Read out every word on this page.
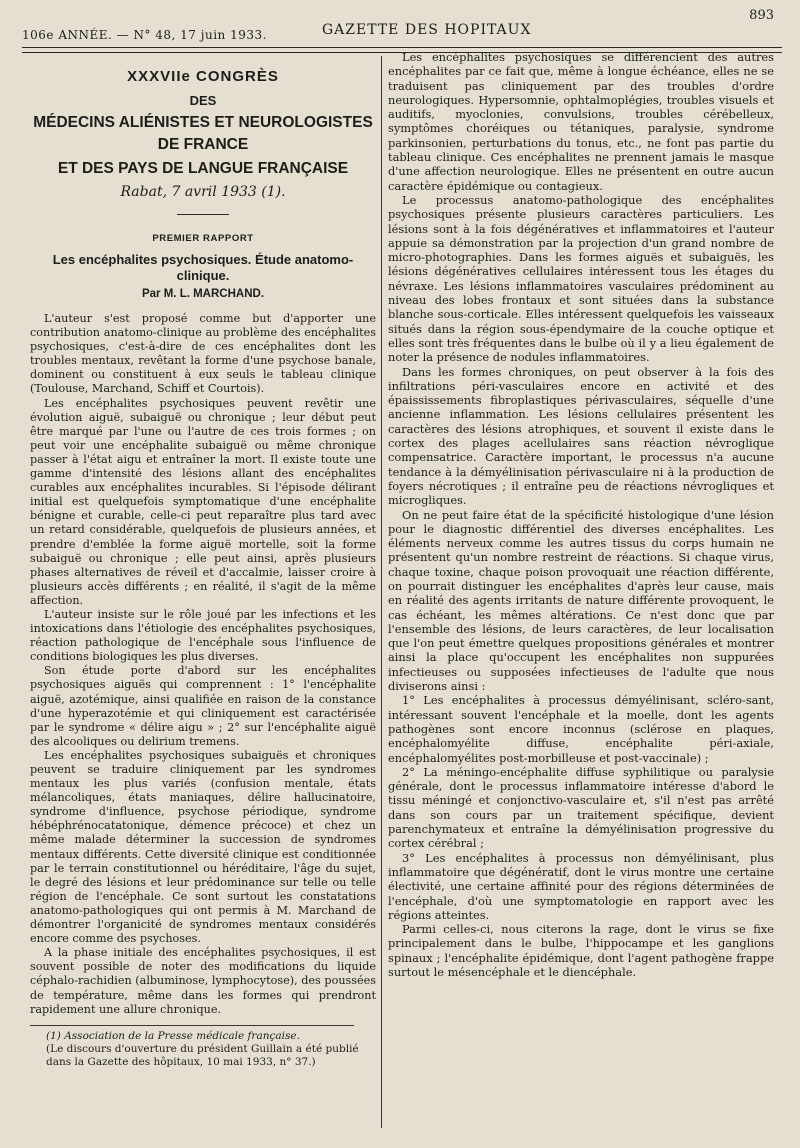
106e ANNÉE. — N° 48, 17 juin 1933.	GAZETTE DES HOPITAUX
893
XXXVIIe CONGRÈS
DES
MÉDECINS ALIÉNISTES ET NEUROLOGISTES
DE FRANCE
ET DES PAYS DE LANGUE FRANÇAISE
Rabat, 7 avril 1933 (1).
PREMIER RAPPORT
Les encéphalites psychosiques. Étude anatomo-clinique.
Par M. L. MARCHAND.

L'auteur s'est proposé comme but d'apporter une contribution anatomo-clinique au problème des encéphalites psychosiques, c'est-à-dire de ces encéphalites dont les troubles mentaux, revêtant la forme d'une psychose banale, dominent ou constituent à eux seuls le tableau clinique (Toulouse, Marchand, Schiff et Courtois).

Les encéphalites psychosiques peuvent revêtir une évolution aiguë, subaiguë ou chronique ; leur début peut être marqué par l'une ou l'autre de ces trois formes ; on peut voir une encéphalite subaiguë ou même chronique passer à l'état aigu et entraîner la mort. Il existe toute une gamme d'intensité des lésions allant des encéphalites curables aux encéphalites incurables. Si l'épisode délirant initial est quelquefois symptomatique d'une encéphalite bénigne et curable, celle-ci peut reparaître plus tard avec un retard considérable, quelquefois de plusieurs années, et prendre d'emblée la forme aiguë mortelle, soit la forme subaiguë ou chronique ; elle peut ainsi, après plusieurs phases alternatives de réveil et d'accalmie, laisser croire à plusieurs accès différents ; en réalité, il s'agit de la même affection.

L'auteur insiste sur le rôle joué par les infections et les intoxications dans l'étiologie des encéphalites psychosiques, réaction pathologique de l'encéphale sous l'influence de conditions biologiques les plus diverses.

Son étude porte d'abord sur les encéphalites psychosiques aiguës qui comprennent : 1° l'encéphalite aiguë, azotémique, ainsi qualifiée en raison de la constance d'une hyperazotémie et qui cliniquement est caractérisée par le syndrome « délire aigu » ; 2° sur l'encéphalite aiguë des alcooliques ou delirium tremens.

Les encéphalites psychosiques subaiguës et chroniques peuvent se traduire cliniquement par les syndromes mentaux les plus variés (confusion mentale, états mélancoliques, états maniaques, délire hallucinatoire, syndrome d'influence, psychose périodique, syndrome hébéphrénocatatonique, démence précoce) et chez un même malade déterminer la succession de syndromes mentaux différents. Cette diversité clinique est conditionnée par le terrain constitutionnel ou héréditaire, l'âge du sujet, le degré des lésions et leur prédominance sur telle ou telle région de l'encéphale. Ce sont surtout les constatations anatomo-pathologiques qui ont permis à M. Marchand de démontrer l'organicité de syndromes mentaux considérés encore comme des psychoses.

A la phase initiale des encéphalites psychosiques, il est souvent possible de noter des modifications du liquide céphalo-rachidien (albuminose, lymphocytose), des poussées de température, même dans les formes qui prendront rapidement une allure chronique.

(1) Association de la Presse médicale française.
(Le discours d'ouverture du président Guillain a été publié dans la Gazette des hôpitaux, 10 mai 1933, n° 37.)

Les encéphalites psychosiques se différencient des autres encéphalites par ce fait que, même à longue échéance, elles ne se traduisent pas cliniquement par des troubles d'ordre neurologiques. Hypersomnie, ophtalmoplégies, troubles visuels et auditifs, myoclonies, convulsions, troubles cérébelleux, symptômes choréiques ou tétaniques, paralysie, syndrome parkinsonien, perturbations du tonus, etc., ne font pas partie du tableau clinique. Ces encéphalites ne prennent jamais le masque d'une affection neurologique. Elles ne présentent en outre aucun caractère épidémique ou contagieux.

Le processus anatomo-pathologique des encéphalites psychosiques présente plusieurs caractères particuliers. Les lésions sont à la fois dégénératives et inflammatoires et l'auteur appuie sa démonstration par la projection d'un grand nombre de micro-photographies. Dans les formes aiguës et subaiguës, les lésions dégénératives cellulaires intéressent tous les étages du névraxe. Les lésions inflammatoires vasculaires prédominent au niveau des lobes frontaux et sont situées dans la substance blanche sous-corticale. Elles intéressent quelquefois les vaisseaux situés dans la région sous-épendymaire de la couche optique et elles sont très fréquentes dans le bulbe où il y a lieu également de noter la présence de nodules inflammatoires.

Dans les formes chroniques, on peut observer à la fois des infiltrations péri-vasculaires encore en activité et des épaississements fibroplastiques périvasculaires, séquelle d'une ancienne inflammation. Les lésions cellulaires présentent les caractères des lésions atrophiques, et souvent il existe dans le cortex des plages acellulaires sans réaction névroglique compensatrice. Caractère important, le processus n'a aucune tendance à la démyélinisation périvasculaire ni à la production de foyers nécrotiques ; il entraîne peu de réactions névrogliques et microgliques.

On ne peut faire état de la spécificité histologique d'une lésion pour le diagnostic différentiel des diverses encéphalites. Les éléments nerveux comme les autres tissus du corps humain ne présentent qu'un nombre restreint de réactions. Si chaque virus, chaque toxine, chaque poison provoquait une réaction différente, on pourrait distinguer les encéphalites d'après leur cause, mais en réalité des agents irritants de nature différente provoquent, le cas échéant, les mêmes altérations. Ce n'est donc que par l'ensemble des lésions, de leurs caractères, de leur localisation que l'on peut émettre quelques propositions générales et montrer ainsi la place qu'occupent les encéphalites non suppurées infectieuses ou supposées infectieuses de l'adulte que nous diviserons ainsi :

1° Les encéphalites à processus démyélinisant, scléro-sant, intéressant souvent l'encéphale et la moelle, dont les agents pathogènes sont encore inconnus (sclérose en plaques, encéphalomyélite diffuse, encéphalite péri-axiale, encéphalomyélites post-morbilleuse et post-vaccinale) ;

2° La méningo-encéphalite diffuse syphilitique ou paralysie générale, dont le processus inflammatoire intéresse d'abord le tissu méningé et conjonctivo-vasculaire et, s'il n'est pas arrêté dans son cours par un traitement spécifique, devient parenchymateux et entraîne la démyélinisation progressive du cortex cérébral ;

3° Les encéphalites à processus non démyélinisant, plus inflammatoire que dégénératif, dont le virus montre une certaine électivité, une certaine affinité pour des régions déterminées de l'encéphale, d'où une symptomatologie en rapport avec les régions atteintes.

Parmi celles-ci, nous citerons la rage, dont le virus se fixe principalement dans le bulbe, l'hippocampe et les ganglions spinaux ; l'encéphalite épidémique, dont l'agent pathogène frappe surtout le mésencéphale et le diencéphale.
